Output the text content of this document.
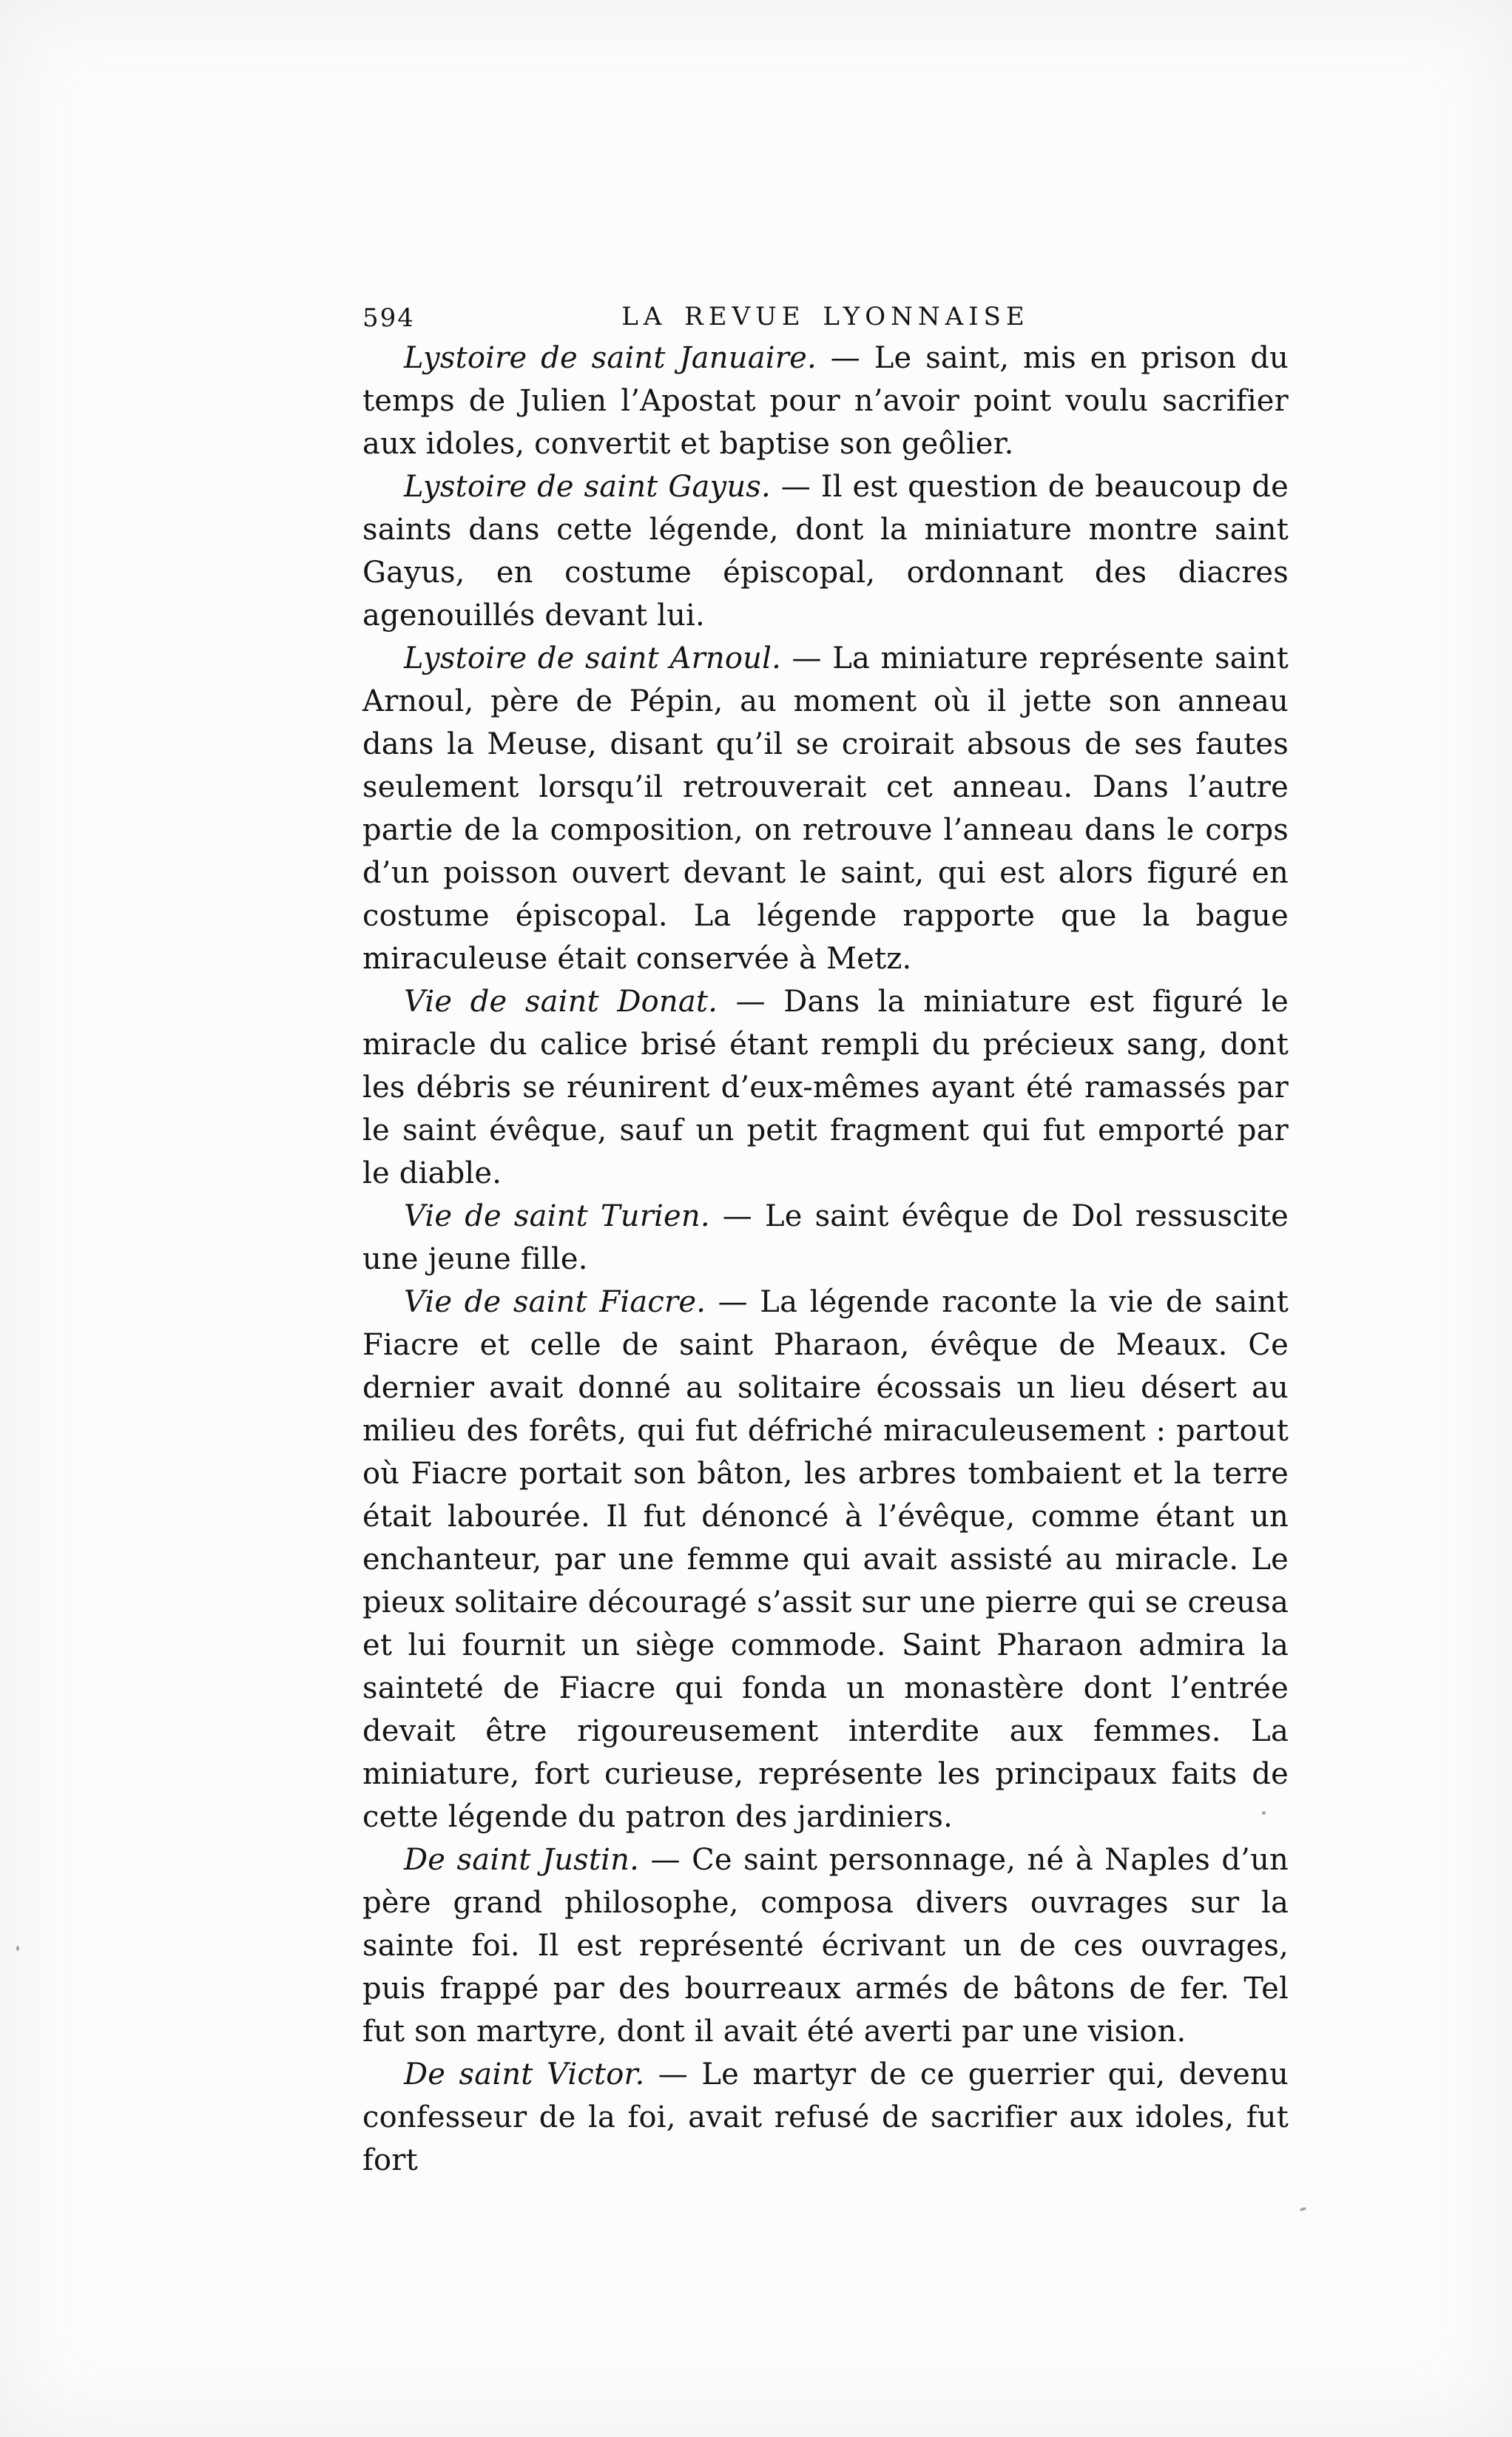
594	LA REVUE LYONNAISE

Lystoire de saint Januaire. — Le saint, mis en prison du temps de Julien l’Apostat pour n’avoir point voulu sacrifier aux idoles, convertit et baptise son geôlier.

Lystoire de saint Gayus. — Il est question de beaucoup de saints dans cette légende, dont la miniature montre saint Gayus, en costume épiscopal, ordonnant des diacres agenouillés devant lui.

Lystoire de saint Arnoul. — La miniature représente saint Arnoul, père de Pépin, au moment où il jette son anneau dans la Meuse, disant qu’il se croirait absous de ses fautes seulement lorsqu’il retrouverait cet anneau. Dans l’autre partie de la composition, on retrouve l’anneau dans le corps d’un poisson ouvert devant le saint, qui est alors figuré en costume épiscopal. La légende rapporte que la bague miraculeuse était conservée à Metz.

Vie de saint Donat. — Dans la miniature est figuré le miracle du calice brisé étant rempli du précieux sang, dont les débris se réunirent d’eux-mêmes ayant été ramassés par le saint évêque, sauf un petit fragment qui fut emporté par le diable.

Vie de saint Turien. — Le saint évêque de Dol ressuscite une jeune fille.

Vie de saint Fiacre. — La légende raconte la vie de saint Fiacre et celle de saint Pharaon, évêque de Meaux. Ce dernier avait donné au solitaire écossais un lieu désert au milieu des forêts, qui fut défriché miraculeusement : partout où Fiacre portait son bâton, les arbres tombaient et la terre était labourée. Il fut dénoncé à l’évêque, comme étant un enchanteur, par une femme qui avait assisté au miracle. Le pieux solitaire découragé s’assit sur une pierre qui se creusa et lui fournit un siège commode. Saint Pharaon admira la sainteté de Fiacre qui fonda un monastère dont l’entrée devait être rigoureusement interdite aux femmes. La miniature, fort curieuse, représente les principaux faits de cette légende du patron des jardiniers.

De saint Justin. — Ce saint personnage, né à Naples d’un père grand philosophe, composa divers ouvrages sur la sainte foi. Il est représenté écrivant un de ces ouvrages, puis frappé par des bourreaux armés de bâtons de fer. Tel fut son martyre, dont il avait été averti par une vision.

De saint Victor. — Le martyr de ce guerrier qui, devenu confesseur de la foi, avait refusé de sacrifier aux idoles, fut fort
